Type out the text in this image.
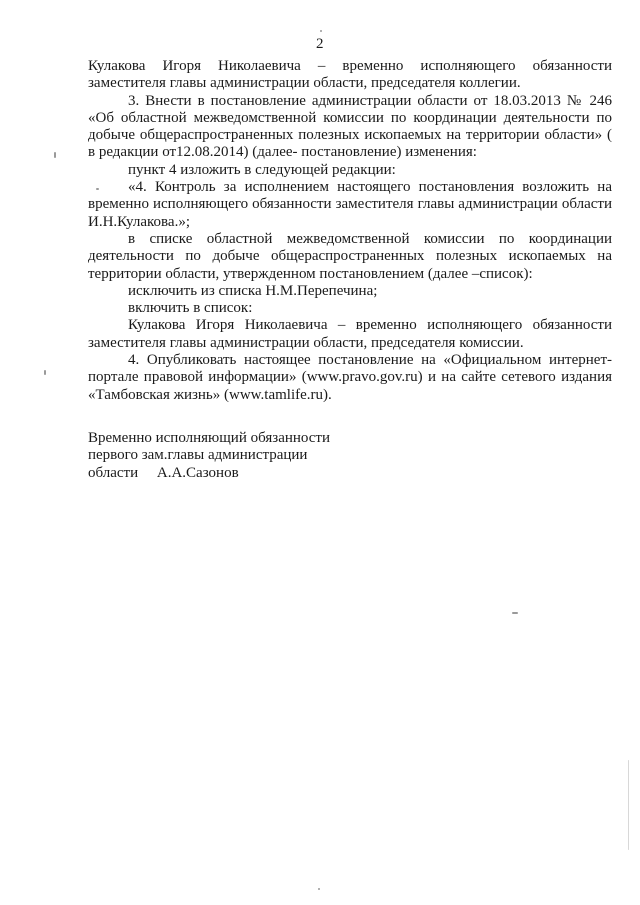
2

Кулакова Игоря Николаевича – временно исполняющего обязанности заместителя главы администрации области, председателя коллегии.

3. Внести в постановление администрации области от 18.03.2013 № 246 «Об областной межведомственной комиссии по координации деятельности по добыче общераспространенных полезных ископаемых на территории области» ( в редакции от12.08.2014) (далее- постановление) изменения:

пункт 4 изложить в следующей редакции:

«4. Контроль за исполнением настоящего постановления возложить на временно исполняющего обязанности заместителя главы администрации области И.Н.Кулакова.»;

в списке областной межведомственной комиссии по координации деятельности по добыче общераспространенных полезных ископаемых на территории области, утвержденном постановлением (далее –список):

исключить из списка Н.М.Перепечина;

включить в список:

Кулакова Игоря Николаевича – временно исполняющего обязанности заместителя главы администрации области, председателя комиссии.

4. Опубликовать настоящее постановление на «Официальном интернет-портале правовой информации» (www.pravo.gov.ru) и на сайте сетевого издания «Тамбовская жизнь» (www.tamlife.ru).

Временно исполняющий обязанности

первого зам.главы администрации

области     А.А.Сазонов
